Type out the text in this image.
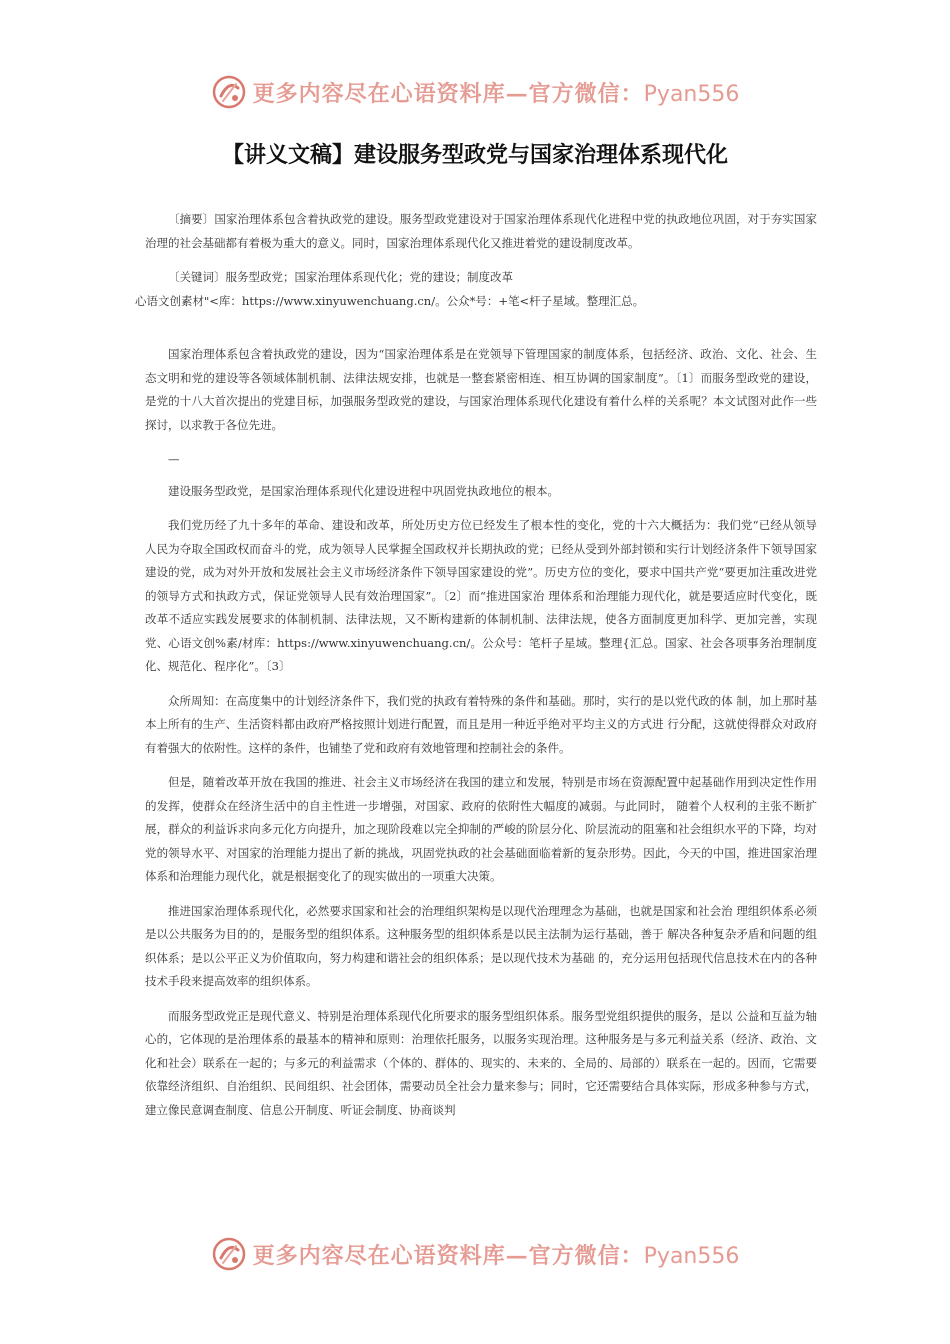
更多内容尽在心语资料库—官方微信：Pyan556
【讲义文稿】建设服务型政党与国家治理体系现代化

〔摘要〕国家治理体系包含着执政党的建设。服务型政党建设对于国家治理体系现代化进程中党的执政地位巩固，对于夯实国家治理的社会基础都有着极为重大的意义。同时，国家治理体系现代化又推进着党的建设制度改革。

〔关键词〕服务型政党；国家治理体系现代化；党的建设；制度改革

心语文创素材"<库：https://www.xinyuwenchuang.cn/。公众*号：+笔<杆子星域。整理汇总。

国家治理体系包含着执政党的建设，因为“国家治理体系是在党领导下管理国家的制度体系，包括经济、政治、文化、社会、生态文明和党的建设等各领域体制机制、法律法规安排，也就是一整套紧密相连、相互协调的国家制度”。〔1〕而服务型政党的建设，是党的十八大首次提出的党建目标，加强服务型政党的建设，与国家治理体系现代化建设有着什么样的关系呢？本文试图对此作一些探讨，以求教于各位先进。

—

建设服务型政党，是国家治理体系现代化建设进程中巩固党执政地位的根本。

我们党历经了九十多年的革命、建设和改革，所处历史方位已经发生了根本性的变化，党的十六大概括为：我们党“已经从领导人民为夺取全国政权而奋斗的党，成为领导人民掌握全国政权并长期执政的党；已经从受到外部封锁和实行计划经济条件下领导国家建设的党，成为对外开放和发展社会主义市场经济条件下领导国家建设的党”。历史方位的变化，要求中国共产党“要更加注重改进党的领导方式和执政方式，保证党领导人民有效治理国家”。〔2〕而“推进国家治 理体系和治理能力现代化，就是要适应时代变化，既改革不适应实践发展要求的体制机制、法律法规，又不断构建新的体制机制、法律法规，使各方面制度更加科学、更加完善，实现党、心语文创%素/材库：https://www.xinyuwenchuang.cn/。公众号：笔杆子星域。整理{汇总。国家、社会各项事务治理制度化、规范化、程序化”。〔3〕

众所周知：在高度集中的计划经济条件下，我们党的执政有着特殊的条件和基础。那时，实行的是以党代政的体 制，加上那时基本上所有的生产、生活资料都由政府严格按照计划进行配置，而且是用一种近乎绝对平均主义的方式进 行分配，这就使得群众对政府有着强大的依附性。这样的条件，也铺垫了党和政府有效地管理和控制社会的条件。

但是，随着改革开放在我国的推进、社会主义市场经济在我国的建立和发展，特别是市场在资源配置中起基础作用到决定性作用的发挥，使群众在经济生活中的自主性进一步增强，对国家、政府的依附性大幅度的减弱。与此同时， 随着个人权利的主张不断扩展，群众的利益诉求向多元化方向提升，加之现阶段难以完全抑制的严峻的阶层分化、阶层流动的阻塞和社会组织水平的下降，均对党的领导水平、对国家的治理能力提出了新的挑战，巩固党执政的社会基础面临着新的复杂形势。因此，今天的中国，推进国家治理体系和治理能力现代化，就是根据变化了的现实做出的一项重大决策。

推进国家治理体系现代化，必然要求国家和社会的治理组织架构是以现代治理理念为基础，也就是国家和社会治 理组织体系必须是以公共服务为目的的，是服务型的组织体系。这种服务型的组织体系是以民主法制为运行基础，善于 解决各种复杂矛盾和问题的组织体系；是以公平正义为价值取向，努力构建和谐社会的组织体系；是以现代技术为基础 的，充分运用包括现代信息技术在内的各种技术手段来提高效率的组织体系。

而服务型政党正是现代意义、特别是治理体系现代化所要求的服务型组织体系。服务型党组织提供的服务，是以 公益和互益为轴心的，它体现的是治理体系的最基本的精神和原则：治理依托服务，以服务实现治理。这种服务是与多元利益关系（经济、政治、文化和社会）联系在一起的；与多元的利益需求（个体的、群体的、现实的、未来的、全局的、局部的）联系在一起的。因而，它需要依靠经济组织、自治组织、民间组织、社会团体，需要动员全社会力量来参与；同时，它还需要结合具体实际，形成多种参与方式，建立像民意调查制度、信息公开制度、听证会制度、协商谈判

更多内容尽在心语资料库—官方微信：Pyan556
